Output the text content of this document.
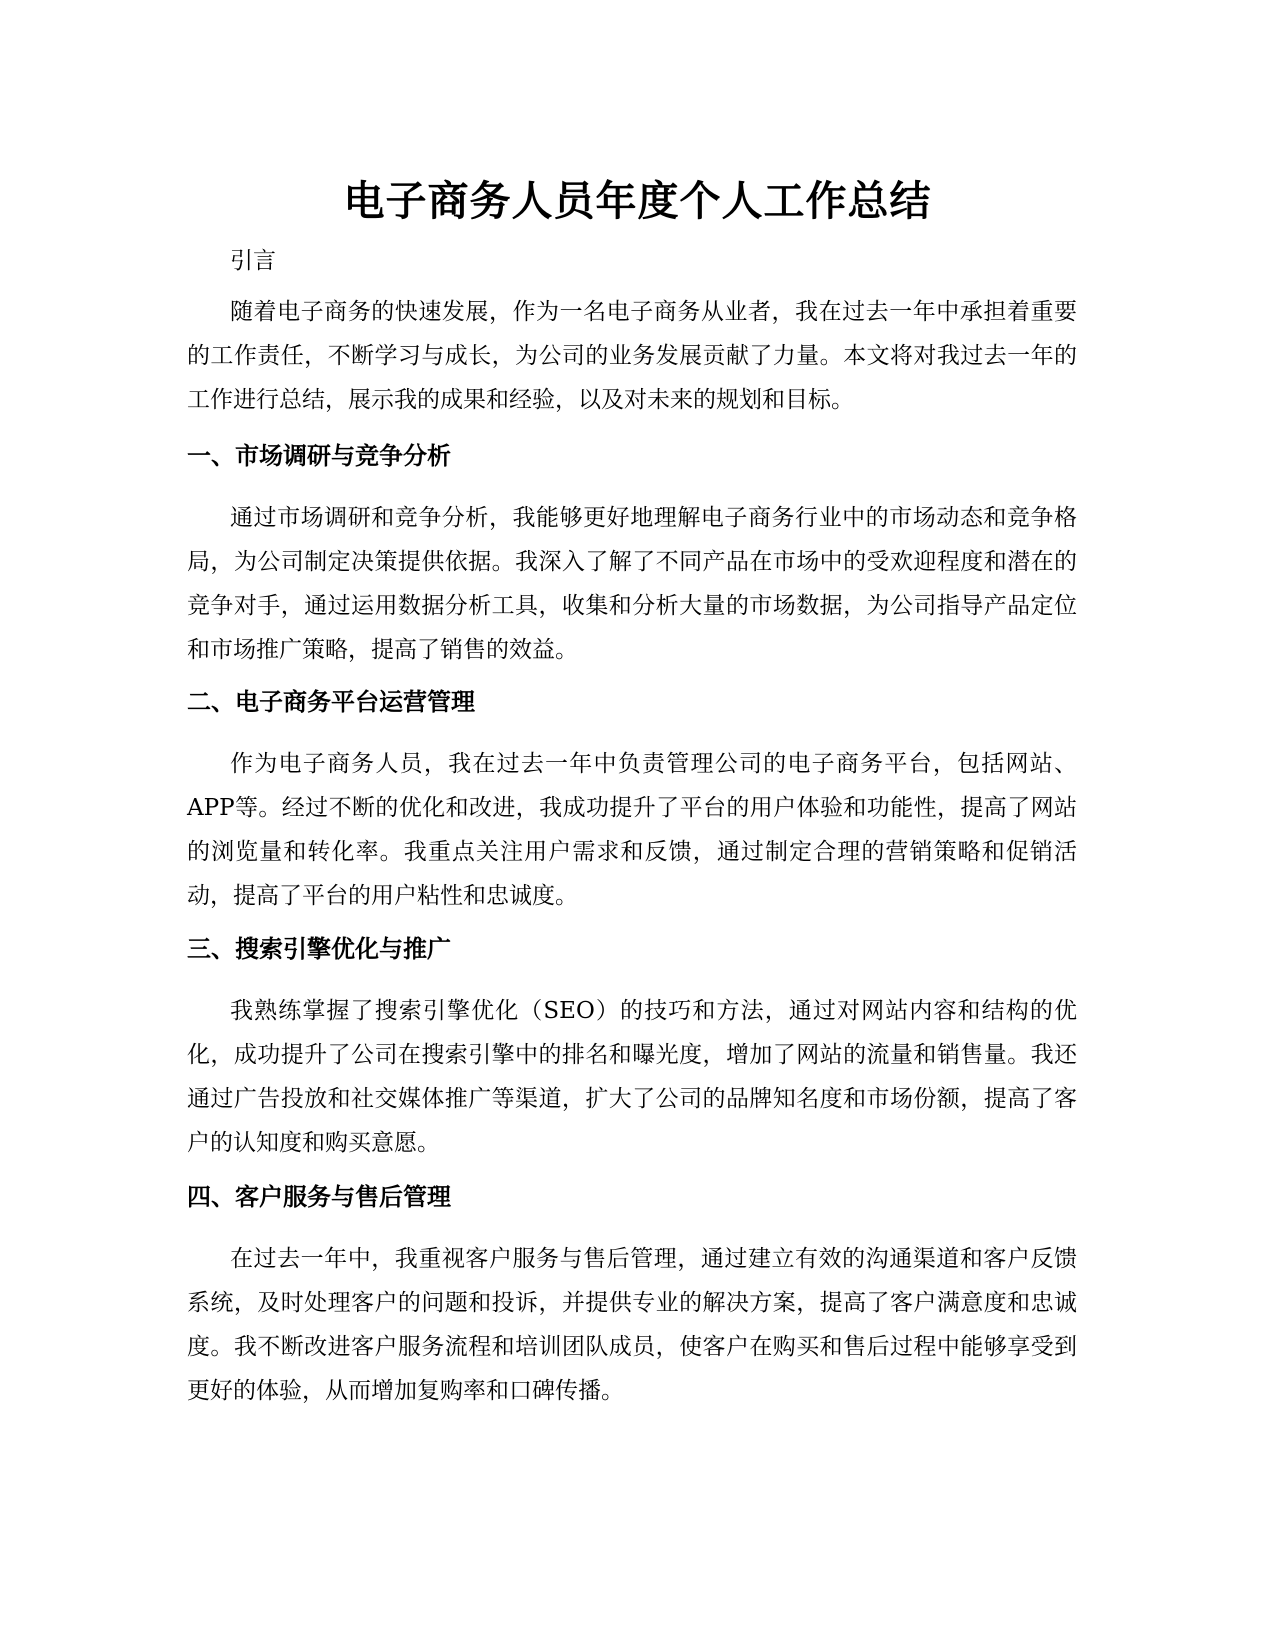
电子商务人员年度个人工作总结
引言

随着电子商务的快速发展，作为一名电子商务从业者，我在过去一年中承担着重要的工作责任，不断学习与成长，为公司的业务发展贡献了力量。本文将对我过去一年的工作进行总结，展示我的成果和经验，以及对未来的规划和目标。

一、市场调研与竞争分析

通过市场调研和竞争分析，我能够更好地理解电子商务行业中的市场动态和竞争格局，为公司制定决策提供依据。我深入了解了不同产品在市场中的受欢迎程度和潜在的竞争对手，通过运用数据分析工具，收集和分析大量的市场数据，为公司指导产品定位和市场推广策略，提高了销售的效益。

二、电子商务平台运营管理

作为电子商务人员，我在过去一年中负责管理公司的电子商务平台，包括网站、APP等。经过不断的优化和改进，我成功提升了平台的用户体验和功能性，提高了网站的浏览量和转化率。我重点关注用户需求和反馈，通过制定合理的营销策略和促销活动，提高了平台的用户粘性和忠诚度。

三、搜索引擎优化与推广

我熟练掌握了搜索引擎优化（SEO）的技巧和方法，通过对网站内容和结构的优化，成功提升了公司在搜索引擎中的排名和曝光度，增加了网站的流量和销售量。我还通过广告投放和社交媒体推广等渠道，扩大了公司的品牌知名度和市场份额，提高了客户的认知度和购买意愿。

四、客户服务与售后管理

在过去一年中，我重视客户服务与售后管理，通过建立有效的沟通渠道和客户反馈系统，及时处理客户的问题和投诉，并提供专业的解决方案，提高了客户满意度和忠诚度。我不断改进客户服务流程和培训团队成员，使客户在购买和售后过程中能够享受到更好的体验，从而增加复购率和口碑传播。
